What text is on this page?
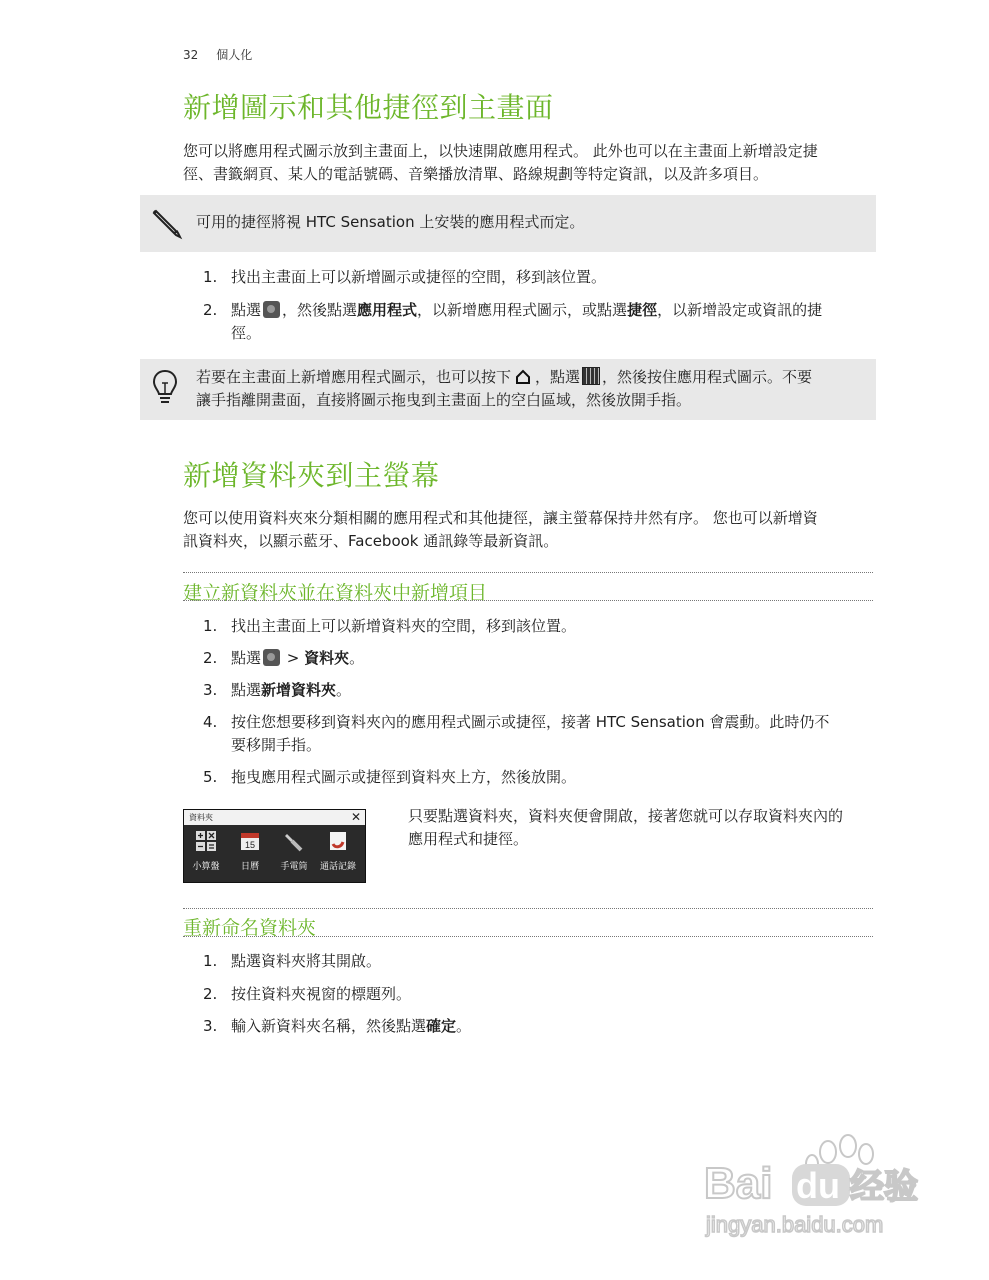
32 個人化
新增圖示和其他捷徑到主畫面
您可以將應用程式圖示放到主畫面上，以快速開啟應用程式。 此外也可以在主畫面上新增設定捷
徑、書籤網頁、某人的電話號碼、音樂播放清單、路線規劃等特定資訊，以及許多項目。
可用的捷徑將視 HTC Sensation 上安裝的應用程式而定。
1. 找出主畫面上可以新增圖示或捷徑的空間，移到該位置。
2. 點選 ，然後點選應用程式，以新增應用程式圖示，或點選捷徑，以新增設定或資訊的捷
徑。
若要在主畫面上新增應用程式圖示，也可以按下 ，點選 ，然後按住應用程式圖示。不要
讓手指離開畫面，直接將圖示拖曳到主畫面上的空白區域，然後放開手指。
新增資料夾到主螢幕
您可以使用資料夾來分類相關的應用程式和其他捷徑，讓主螢幕保持井然有序。 您也可以新增資
訊資料夾，以顯示藍牙、Facebook 通訊錄等最新資訊。
建立新資料夾並在資料夾中新增項目
1. 找出主畫面上可以新增資料夾的空間，移到該位置。
2. 點選 > 資料夾。
3. 點選新增資料夾。
4. 按住您想要移到資料夾內的應用程式圖示或捷徑，接著 HTC Sensation 會震動。此時仍不
要移開手指。
5. 拖曳應用程式圖示或捷徑到資料夾上方，然後放開。
資料夾	✕
小算盤
15
日曆	手電筒	通話記錄
只要點選資料夾，資料夾便會開啟，接著您就可以存取資料夾內的
應用程式和捷徑。
重新命名資料夾
1. 點選資料夾將其開啟。
2. 按住資料夾視窗的標題列。
3. 輸入新資料夾名稱，然後點選確定。
Bai du 经验
jingyan.baidu.com
